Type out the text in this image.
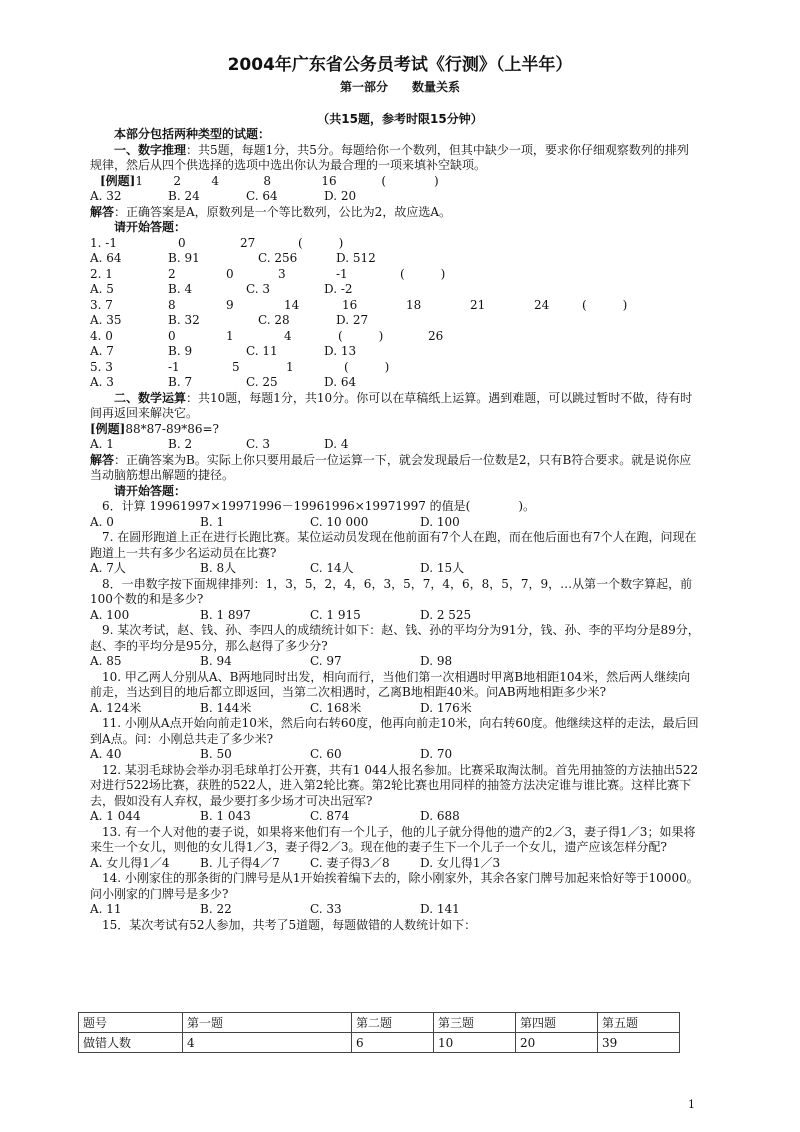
2004年广东省公务员考试《行测》（上半年）
第一部分　　数量关系
（共15题，参考时限15分钟）

本部分包括两种类型的试题：

一、数字推理：共5题，每题1分，共5分。每题给你一个数列，但其中缺少一项，要求你仔细观察数列的排列规律，然后从四个供选择的选项中选出你认为最合理的一项来填补空缺项。

[例题] 1	2	4	8	16	(　　　　)
A. 32	B. 24	C. 64	D. 20

解答：正确答案是A，原数列是一个等比数列，公比为2，故应选A。

请开始答题：

1. -1	0	27	(　　　)
A. 64	B. 91	C. 256	D. 512
2. 1	2	0	3	-1	(　　　)
A. 5	B. 4	C. 3	D. -2
3. 7	8	9	14	16	18	21	24	(　　　)
A. 35	B. 32	C. 28	D. 27
4. 0	0	1	4	(　　　)	26
A. 7	B. 9	C. 11	D. 13
5. 3	-1	5	1	(　　　)
A. 3	B. 7	C. 25	D. 64

二、数学运算：共10题，每题1分，共10分。你可以在草稿纸上运算。遇到难题，可以跳过暂时不做，待有时间再返回来解决它。

[例题]88*87-89*86=?

A. 1	B. 2	C. 3	D. 4

解答：正确答案为B。实际上你只要用最后一位运算一下，就会发现最后一位数是2，只有B符合要求。就是说你应当动脑筋想出解题的捷径。

请开始答题：

6．计算 19961997×19971996－19961996×19971997 的值是(　　　　)。

A. 0	B. 1	C. 10 000	D. 100

7. 在圆形跑道上正在进行长跑比赛。某位运动员发现在他前面有7个人在跑，而在他后面也有7个人在跑，问现在跑道上一共有多少名运动员在比赛?

A. 7人	B. 8人	C. 14人	D. 15人

8．一串数字按下面规律排列：1，3，5，2，4，6，3，5，7，4，6，8，5，7，9，…从第一个数字算起，前100个数的和是多少?

A. 100	B. 1 897	C. 1 915	D. 2 525

9. 某次考试，赵、钱、孙、李四人的成绩统计如下：赵、钱、孙的平均分为91分，钱、孙、李的平均分是89分，赵、李的平均分是95分，那么赵得了多少分?

A. 85	B. 94	C. 97	D. 98

10. 甲乙两人分别从A、B两地同时出发，相向而行，当他们第一次相遇时甲离B地相距104米，然后两人继续向前走，当达到目的地后都立即返回，当第二次相遇时，乙离B地相距40米。问AB两地相距多少米?

A. 124米	B. 144米	C. 168米	D. 176米

11. 小刚从A点开始向前走10米，然后向右转60度，他再向前走10米，向右转60度。他继续这样的走法，最后回到A点。问：小刚总共走了多少米?

A. 40	B. 50	C. 60	D. 70

12. 某羽毛球协会举办羽毛球单打公开赛，共有1 044人报名参加。比赛采取淘汰制。首先用抽签的方法抽出522对进行522场比赛，获胜的522人，进入第2轮比赛。第2轮比赛也用同样的抽签方法决定谁与谁比赛。这样比赛下去，假如没有人弃权，最少要打多少场才可决出冠军?

A. 1 044	B. 1 043	C. 874	D. 688

13. 有一个人对他的妻子说，如果将来他们有一个儿子，他的儿子就分得他的遗产的2／3，妻子得1／3；如果将来生一个女儿，则他的女儿得1／3，妻子得2／3。现在他的妻子生下一个儿子一个女儿，遗产应该怎样分配?

A. 女儿得1／4	B. 儿子得4／7	C. 妻子得3／8	D. 女儿得1／3

14. 小刚家住的那条街的门牌号是从1开始挨着编下去的，除小刚家外，其余各家门牌号加起来恰好等于10000。问小刚家的门牌号是多少?

A. 11	B. 22	C. 33	D. 141

15．某次考试有52人参加，共考了5道题，每题做错的人数统计如下：

题号	第一题	第二题	第三题	第四题	第五题
做错人数	4	6	10	20	39
1
